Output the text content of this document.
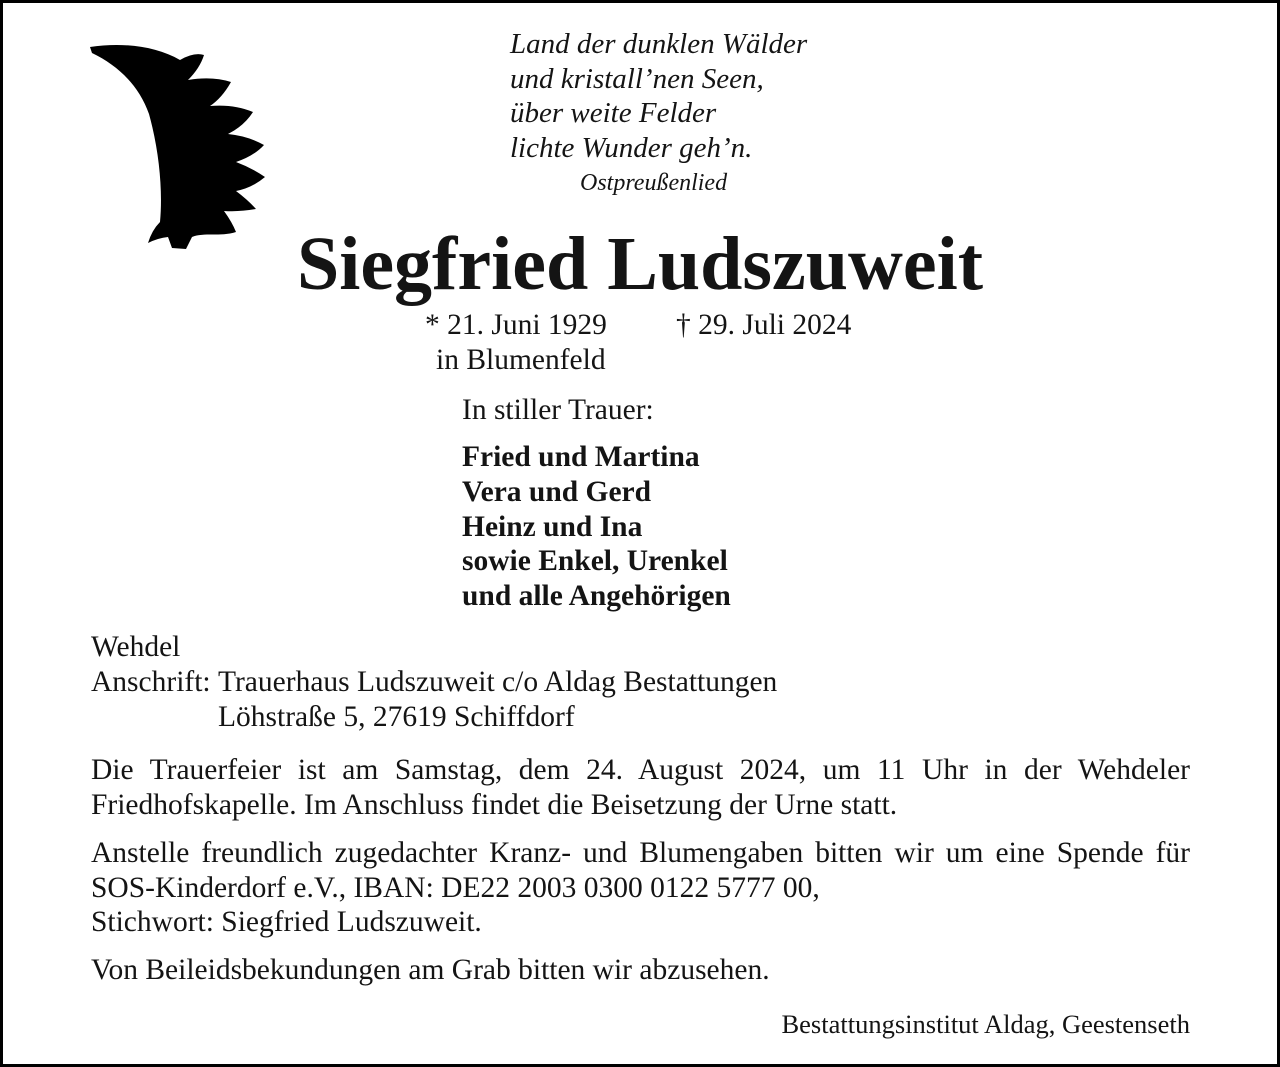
Land der dunklen Wälder
und kristall’nen Seen,
über weite Felder
lichte Wunder geh’n.
Ostpreußenlied
Siegfried Ludszuweit
* 21. Juni 1929 † 29. Juli 2024
in Blumenfeld
In stiller Trauer:
Fried und Martina
Vera und Gerd
Heinz und Ina
sowie Enkel, Urenkel
und alle Angehörigen
Wehdel
Anschrift: Trauerhaus Ludszuweit c/o Aldag Bestattungen
Löhstraße 5, 27619 Schiffdorf
Die Trauerfeier ist am Samstag, dem 24. August 2024, um 11 Uhr in der Wehdeler Friedhofskapelle. Im Anschluss findet die Beisetzung der Urne statt.
Anstelle freundlich zugedachter Kranz- und Blumengaben bitten wir um eine Spende für SOS-Kinderdorf e.V., IBAN: DE22 2003 0300 0122 5777 00,
Stichwort: Siegfried Ludszuweit.
Von Beileidsbekundungen am Grab bitten wir abzusehen.
Bestattungsinstitut Aldag, Geestenseth
